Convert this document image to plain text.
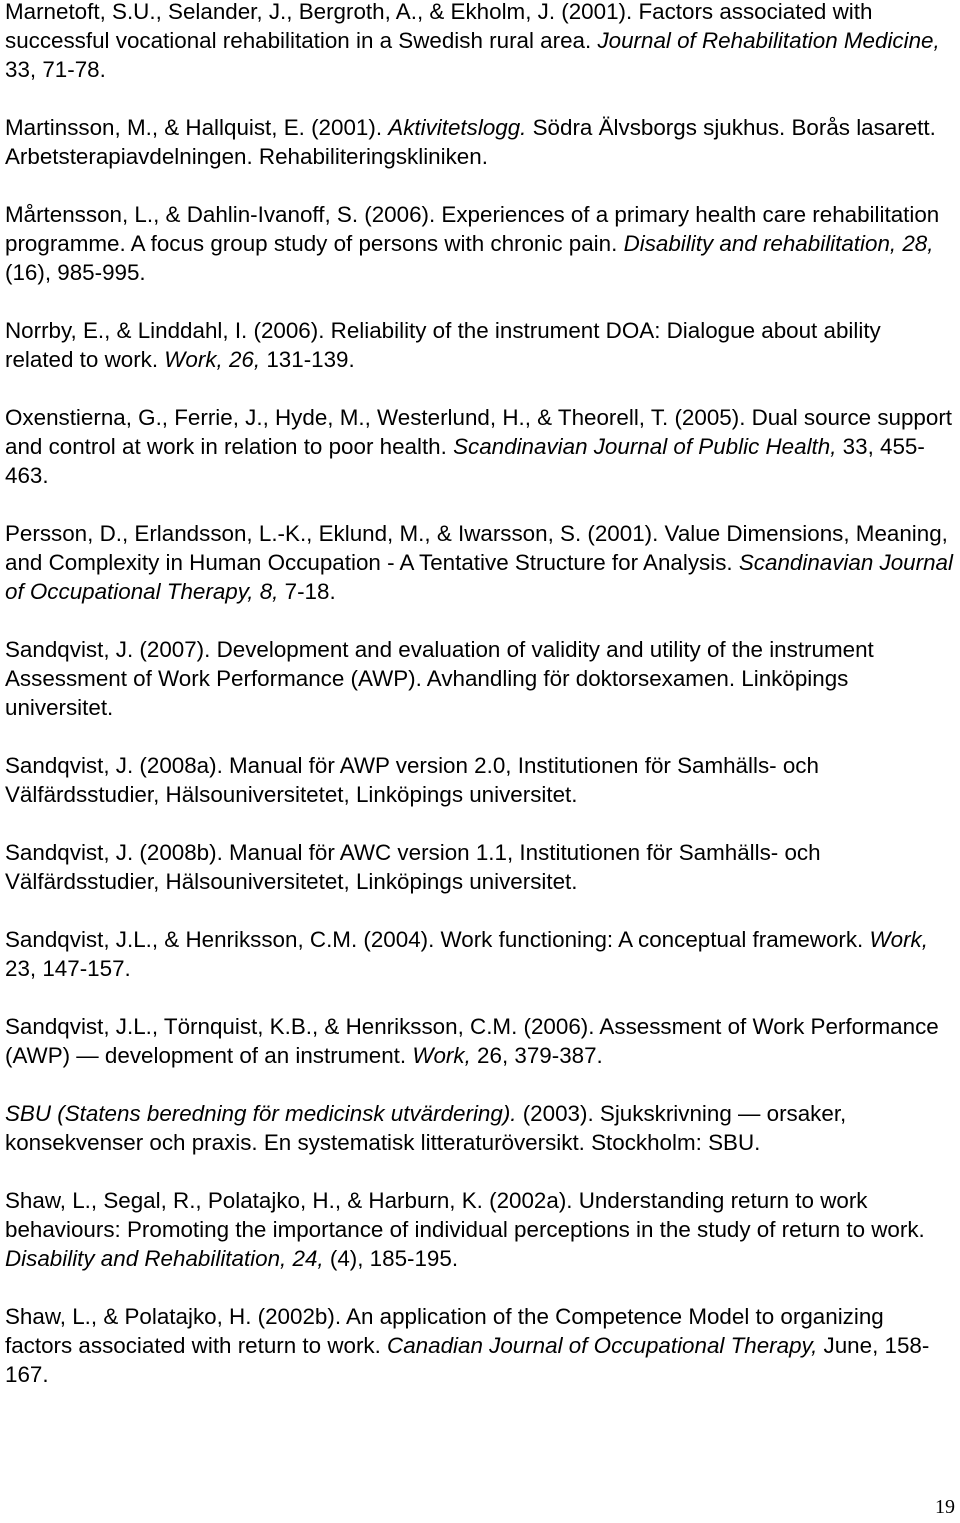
Marnetoft, S.U., Selander, J., Bergroth, A., & Ekholm, J. (2001). Factors associated with successful vocational rehabilitation in a Swedish rural area. Journal of Rehabilitation Medicine, 33, 71-78.

Martinsson, M., & Hallquist, E. (2001). Aktivitetslogg. Södra Älvsborgs sjukhus. Borås lasarett. Arbetsterapiavdelningen. Rehabiliteringskliniken.

Mårtensson, L., & Dahlin-Ivanoff, S. (2006). Experiences of a primary health care rehabilitation programme. A focus group study of persons with chronic pain. Disability and rehabilitation, 28, (16), 985-995.

Norrby, E., & Linddahl, I. (2006). Reliability of the instrument DOA: Dialogue about ability related to work. Work, 26, 131-139.

Oxenstierna, G., Ferrie, J., Hyde, M., Westerlund, H., & Theorell, T. (2005). Dual source support and control at work in relation to poor health. Scandinavian Journal of Public Health, 33, 455-463.

Persson, D., Erlandsson, L.-K., Eklund, M., & Iwarsson, S. (2001). Value Dimensions, Meaning, and Complexity in Human Occupation - A Tentative Structure for Analysis. Scandinavian Journal of Occupational Therapy, 8, 7-18.

Sandqvist, J. (2007). Development and evaluation of validity and utility of the instrument Assessment of Work Performance (AWP). Avhandling för doktorsexamen. Linköpings universitet.

Sandqvist, J. (2008a). Manual för AWP version 2.0, Institutionen för Samhälls- och Välfärdsstudier, Hälsouniversitetet, Linköpings universitet.

Sandqvist, J. (2008b). Manual för AWC version 1.1, Institutionen för Samhälls- och Välfärdsstudier, Hälsouniversitetet, Linköpings universitet.

Sandqvist, J.L., & Henriksson, C.M. (2004). Work functioning: A conceptual framework. Work, 23, 147-157.

Sandqvist, J.L., Törnquist, K.B., & Henriksson, C.M. (2006). Assessment of Work Performance (AWP) — development of an instrument. Work, 26, 379-387.

SBU (Statens beredning för medicinsk utvärdering). (2003). Sjukskrivning — orsaker, konsekvenser och praxis. En systematisk litteraturöversikt. Stockholm: SBU.

Shaw, L., Segal, R., Polatajko, H., & Harburn, K. (2002a). Understanding return to work behaviours: Promoting the importance of individual perceptions in the study of return to work. Disability and Rehabilitation, 24, (4), 185-195.

Shaw, L., & Polatajko, H. (2002b). An application of the Competence Model to organizing factors associated with return to work. Canadian Journal of Occupational Therapy, June, 158-167.

19
